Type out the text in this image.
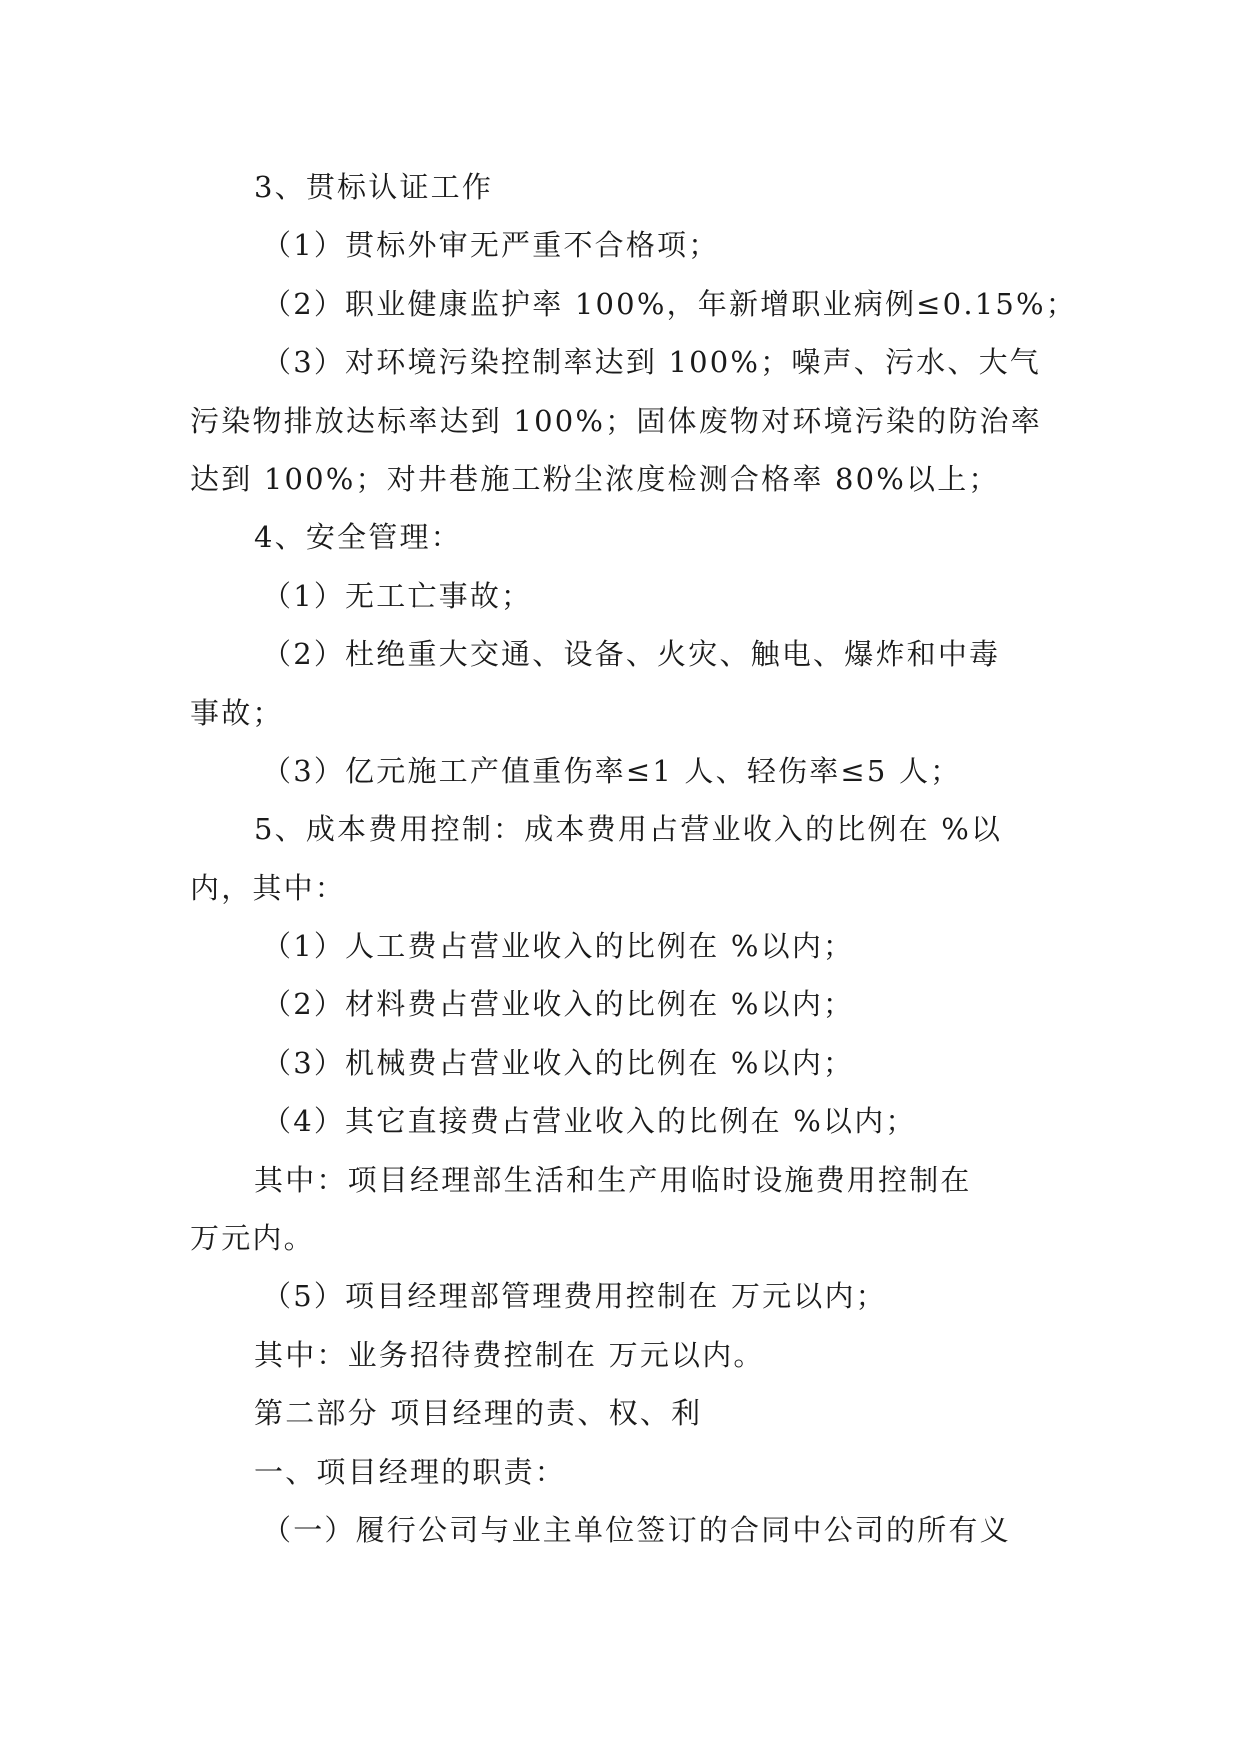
3、贯标认证工作

（1）贯标外审无严重不合格项；

（2）职业健康监护率 100%，年新增职业病例≤0.15%；

（3）对环境污染控制率达到 100%；噪声、污水、大气

污染物排放达标率达到 100%；固体废物对环境污染的防治率

达到 100%；对井巷施工粉尘浓度检测合格率 80%以上；

4、安全管理：

（1）无工亡事故；

（2）杜绝重大交通、设备、火灾、触电、爆炸和中毒

事故；

（3）亿元施工产值重伤率≤1 人、轻伤率≤5 人；

5、成本费用控制：成本费用占营业收入的比例在 %以

内，其中：

（1）人工费占营业收入的比例在 %以内；

（2）材料费占营业收入的比例在 %以内；

（3）机械费占营业收入的比例在 %以内；

（4）其它直接费占营业收入的比例在 %以内；

其中：项目经理部生活和生产用临时设施费用控制在

万元内。

（5）项目经理部管理费用控制在 万元以内；

其中：业务招待费控制在 万元以内。

第二部分 项目经理的责、权、利

一、项目经理的职责：

（一）履行公司与业主单位签订的合同中公司的所有义
